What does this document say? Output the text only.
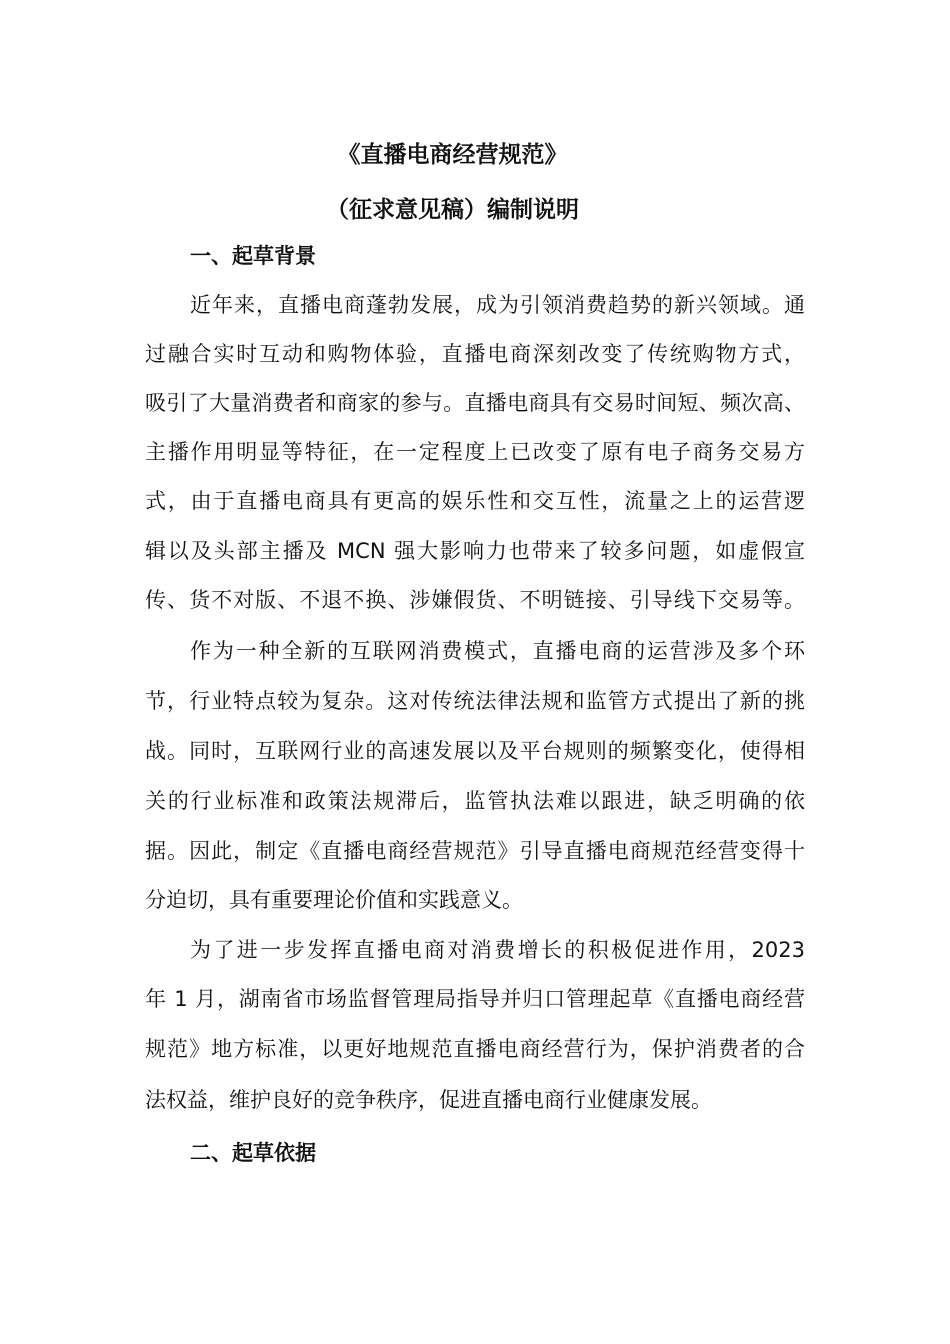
《直播电商经营规范》
（征求意见稿）编制说明
一、起草背景
近年来，直播电商蓬勃发展，成为引领消费趋势的新兴领域。通
过融合实时互动和购物体验，直播电商深刻改变了传统购物方式，
吸引了大量消费者和商家的参与。直播电商具有交易时间短、频次高、
主播作用明显等特征，在一定程度上已改变了原有电子商务交易方
式，由于直播电商具有更高的娱乐性和交互性，流量之上的运营逻
辑以及头部主播及 MCN 强大影响力也带来了较多问题，如虚假宣
传、货不对版、不退不换、涉嫌假货、不明链接、引导线下交易等。
作为一种全新的互联网消费模式，直播电商的运营涉及多个环
节，行业特点较为复杂。这对传统法律法规和监管方式提出了新的挑
战。同时，互联网行业的高速发展以及平台规则的频繁变化，使得相
关的行业标准和政策法规滞后，监管执法难以跟进，缺乏明确的依
据。因此，制定《直播电商经营规范》引导直播电商规范经营变得十
分迫切，具有重要理论价值和实践意义。
为了进一步发挥直播电商对消费增长的积极促进作用，2023
年 1 月，湖南省市场监督管理局指导并归口管理起草《直播电商经营
规范》地方标准，以更好地规范直播电商经营行为，保护消费者的合
法权益，维护良好的竞争秩序，促进直播电商行业健康发展。
二、起草依据
